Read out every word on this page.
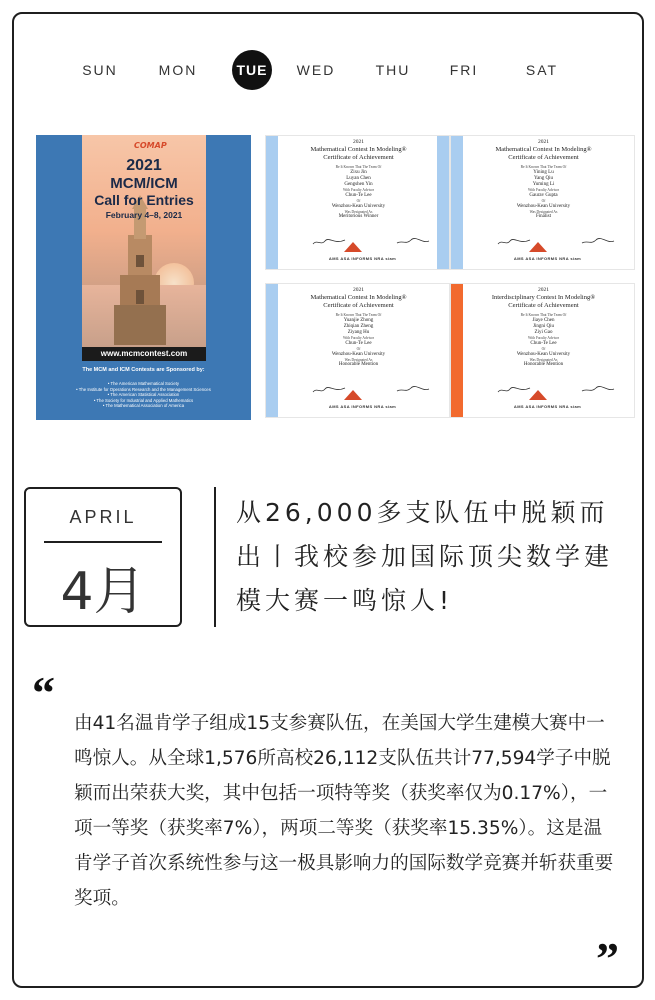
SUN	MON	TUE	WED	THU	FRI	SAT
COMAP
2021
MCM/ICM
Call for Entries
February 4–8, 2021
www.mcmcontest.com
The MCM and ICM Contests are Sponsored by:
• The American Mathematical Society
• The Institute for Operations Research and the Management Sciences
• The American Statistical Association
• The Society for Industrial and Applied Mathematics
• The Mathematical Association of America
2021
Mathematical Contest In Modeling®
Certificate of Achievement
Be It Known That The Team Of
Zixu Jin
Luyan Chen
Gengshen Yin
With Faculty Advisor
Chun-Te Lee
Of
Wenzhou-Kean University
Was Designated As
Meritorious Winner
AMS ASA INFORMS NRA siam
2021
Mathematical Contest In Modeling®
Certificate of Achievement
Be It Known That The Team Of
Yining Lu
Yang Qiu
Yuming Li
With Faculty Advisor
Gaurav Gupta
Of
Wenzhou-Kean University
Was Designated As
Finalist
AMS ASA INFORMS NRA siam
2021
Mathematical Contest In Modeling®
Certificate of Achievement
Be It Known That The Team Of
Yuanjie Zhong
Zhiqian Zheng
Ziyang Hu
With Faculty Advisor
Chun-Te Lee
Of
Wenzhou-Kean University
Was Designated As
Honorable Mention
AMS ASA INFORMS NRA siam
2021
Interdisciplinary Contest In Modeling®
Certificate of Achievement
Be It Known That The Team Of
Jiaye Chen
Jingni Qiu
Ziyi Gao
With Faculty Advisor
Chun-Te Lee
Of
Wenzhou-Kean University
Was Designated As
Honorable Mention
AMS ASA INFORMS NRA siam
APRIL
4月
从26,000多支队伍中脱颖而出丨我校参加国际顶尖数学建模大赛一鸣惊人!
“
由41名温肯学子组成15支参赛队伍，在美国大学生建模大赛中一鸣惊人。从全球1,576所高校26,112支队伍共计77,594学子中脱颖而出荣获大奖，其中包括一项特等奖（获奖率仅为0.17%），一项一等奖（获奖率7%），两项二等奖（获奖率15.35%）。这是温肯学子首次系统性参与这一极具影响力的国际数学竞赛并斩获重要奖项。
”
